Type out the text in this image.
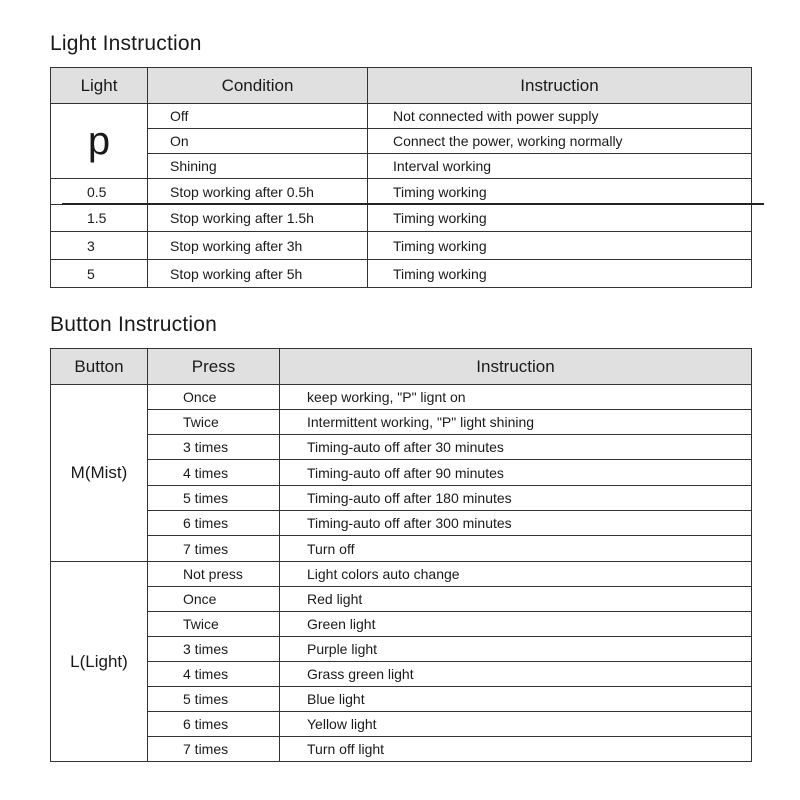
Light Instruction
Light	Condition	Instruction
p	Off	Not connected with power supply
	On	Connect the power, working normally
	Shining	Interval working
0.5	Stop working after 0.5h	Timing working
1.5	Stop working after 1.5h	Timing working
3	Stop working after 3h	Timing working
5	Stop working after 5h	Timing working
Button Instruction
Button	Press	Instruction
M(Mist)	Once	keep working, "P" lignt on
	Twice	Intermittent working, "P" light shining
	3 times	Timing-auto off after 30 minutes
	4 times	Timing-auto off after 90 minutes
	5 times	Timing-auto off after 180 minutes
	6 times	Timing-auto off after 300 minutes
	7 times	Turn off
L(Light)	Not press	Light colors auto change
	Once	Red light
	Twice	Green light
	3 times	Purple light
	4 times	Grass green light
	5 times	Blue light
	6 times	Yellow light
	7 times	Turn off light
